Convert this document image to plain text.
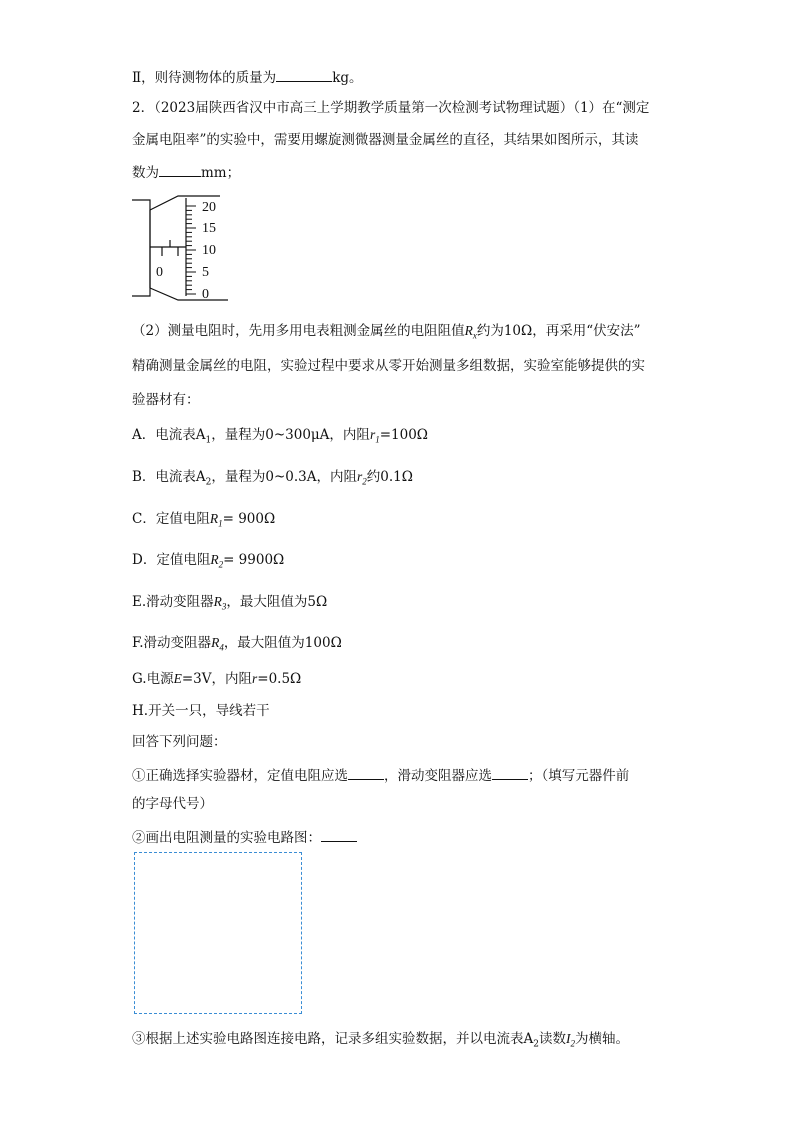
Ⅱ，则待测物体的质量为	kg。
2．（2023届陕西省汉中市高三上学期教学质量第一次检测考试物理试题）（1）在“测定
金属电阻率”的实验中，需要用螺旋测微器测量金属丝的直径，其结果如图所示，其读
数为	mm；
20
15
10
5
0
0
（2）测量电阻时，先用多用电表粗测金属丝的电阻阻值$R_x$约为10Ω，再采用“伏安法”
精确测量金属丝的电阻，实验过程中要求从零开始测量多组数据，实验室能够提供的实
验器材有：
A．电流表$A_1$，量程为0~300μA，内阻$r_1=100\Omega$
B．电流表$A_2$，量程为0~0.3A，内阻$r_2$约0.1Ω
C．定值电阻$R_1= 900\Omega$
D．定值电阻$R_2= 9900\Omega$
E.滑动变阻器$R_3$，最大阻值为5Ω
F.滑动变阻器$R_4$，最大阻值为100Ω
G.电源E=3V，内阻r=0.5Ω
H.开关一只，导线若干
回答下列问题：
①正确选择实验器材，定值电阻应选	，滑动变阻器应选	；（填写元器件前
的字母代号）
②画出电阻测量的实验电路图：
③根据上述实验电路图连接电路，记录多组实验数据，并以电流表$A_2$读数$I_2$为横轴。
